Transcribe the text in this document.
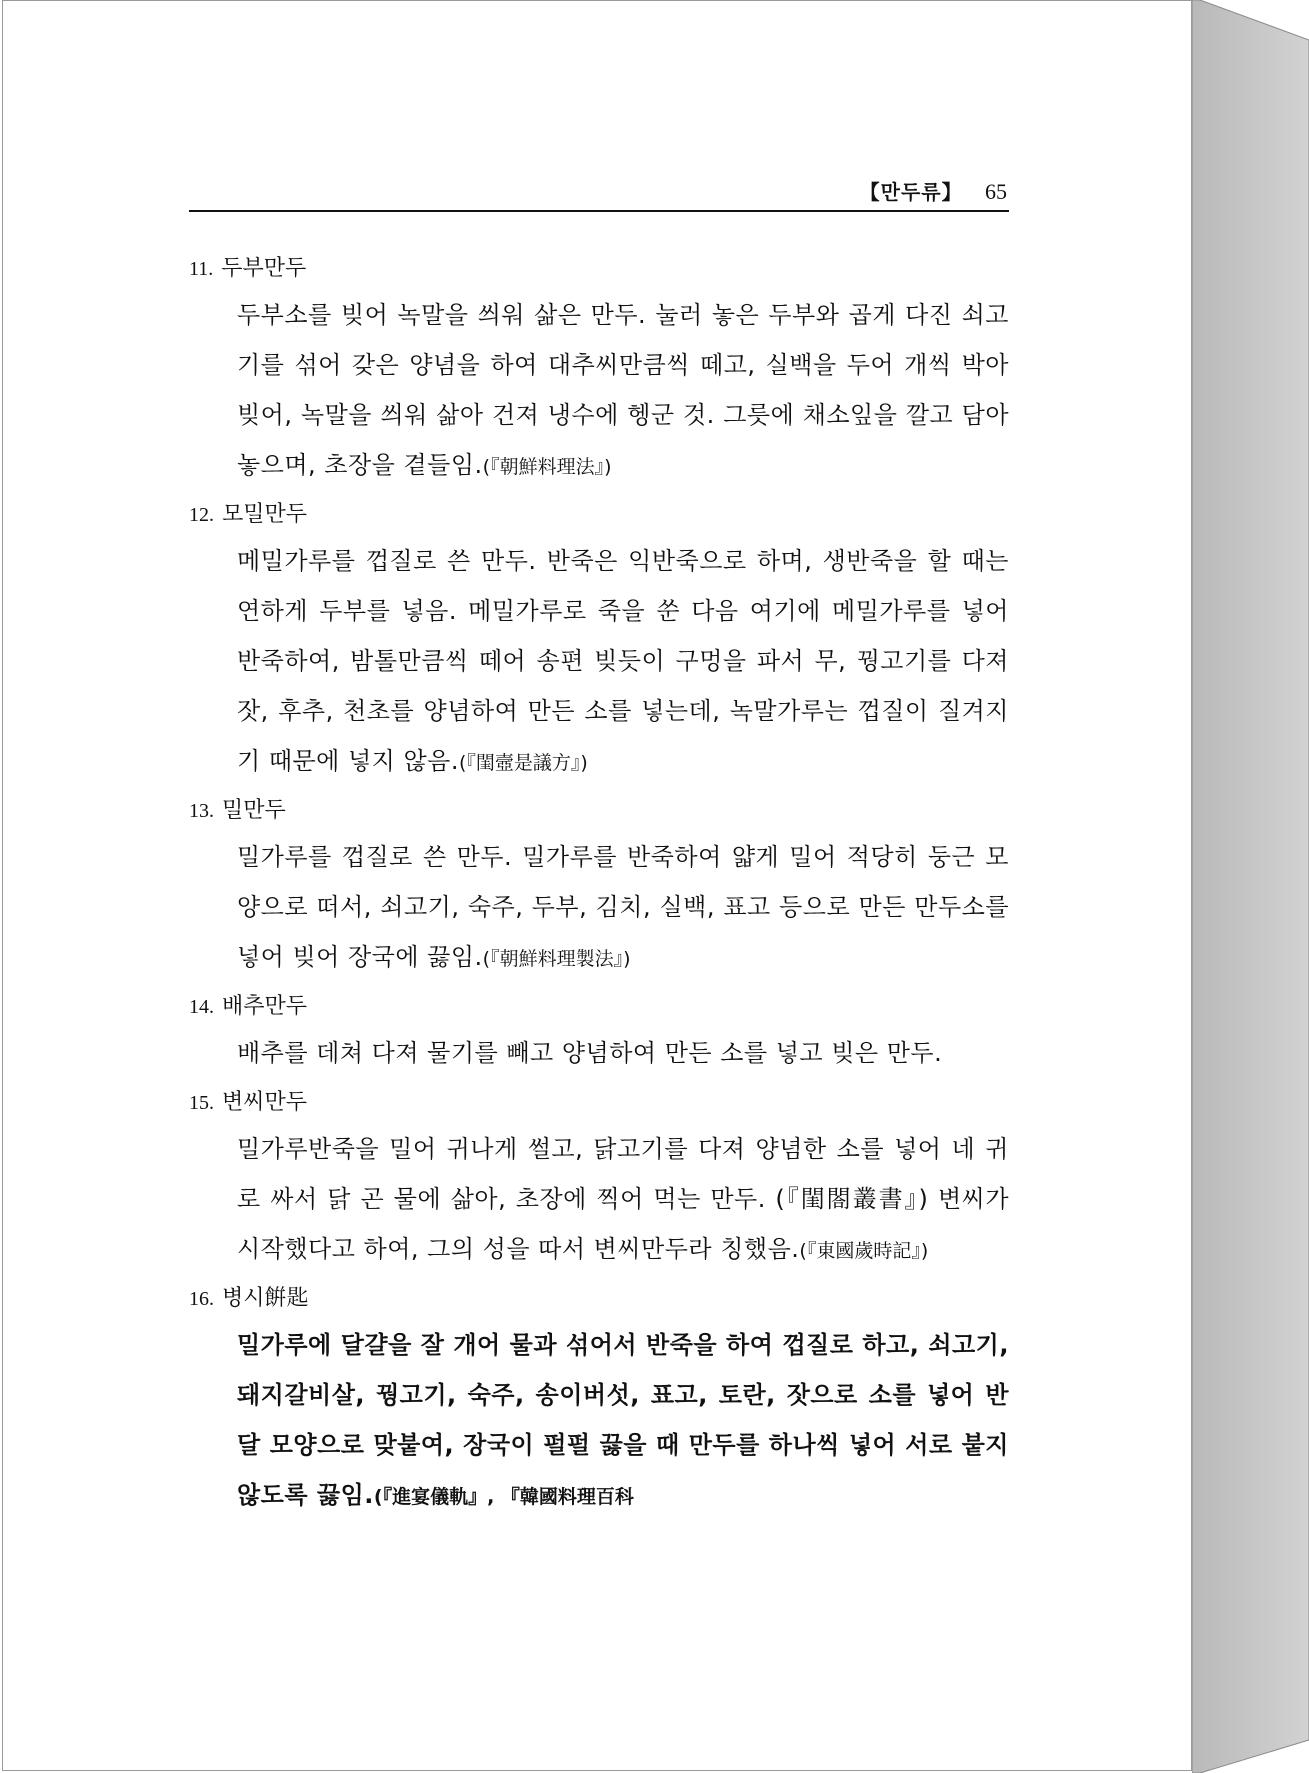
【만두류】 65
11. 두부만두
두부소를 빚어 녹말을 씌워 삶은 만두. 눌러 놓은 두부와 곱게 다진 쇠고기를 섞어 갖은 양념을 하여 대추씨만큼씩 떼고, 실백을 두어 개씩 박아 빚어, 녹말을 씌워 삶아 건져 냉수에 헹군 것. 그릇에 채소잎을 깔고 담아 놓으며, 초장을 곁들임.(『朝鮮料理法』)
12. 모밀만두
메밀가루를 껍질로 쓴 만두. 반죽은 익반죽으로 하며, 생반죽을 할 때는 연하게 두부를 넣음. 메밀가루로 죽을 쑨 다음 여기에 메밀가루를 넣어 반죽하여, 밤톨만큼씩 떼어 송편 빚듯이 구멍을 파서 무, 꿩고기를 다져 잣, 후추, 천초를 양념하여 만든 소를 넣는데, 녹말가루는 껍질이 질겨지기 때문에 넣지 않음.(『閨壼是議方』)
13. 밀만두
밀가루를 껍질로 쓴 만두. 밀가루를 반죽하여 얇게 밀어 적당히 둥근 모양으로 떠서, 쇠고기, 숙주, 두부, 김치, 실백, 표고 등으로 만든 만두소를 넣어 빚어 장국에 끓임.(『朝鮮料理製法』)
14. 배추만두
배추를 데쳐 다져 물기를 빼고 양념하여 만든 소를 넣고 빚은 만두.
15. 변씨만두
밀가루반죽을 밀어 귀나게 썰고, 닭고기를 다져 양념한 소를 넣어 네 귀로 싸서 닭 곤 물에 삶아, 초장에 찍어 먹는 만두. (『閨閤叢書』) 변씨가 시작했다고 하여, 그의 성을 따서 변씨만두라 칭했음.(『東國歲時記』)
16. 병시餠匙
밀가루에 달걀을 잘 개어 물과 섞어서 반죽을 하여 껍질로 하고, 쇠고기, 돼지갈비살, 꿩고기, 숙주, 송이버섯, 표고, 토란, 잣으로 소를 넣어 반달 모양으로 맞붙여, 장국이 펄펄 끓을 때 만두를 하나씩 넣어 서로 붙지 않도록 끓임.(『進宴儀軌』, 『韓國料理百科
